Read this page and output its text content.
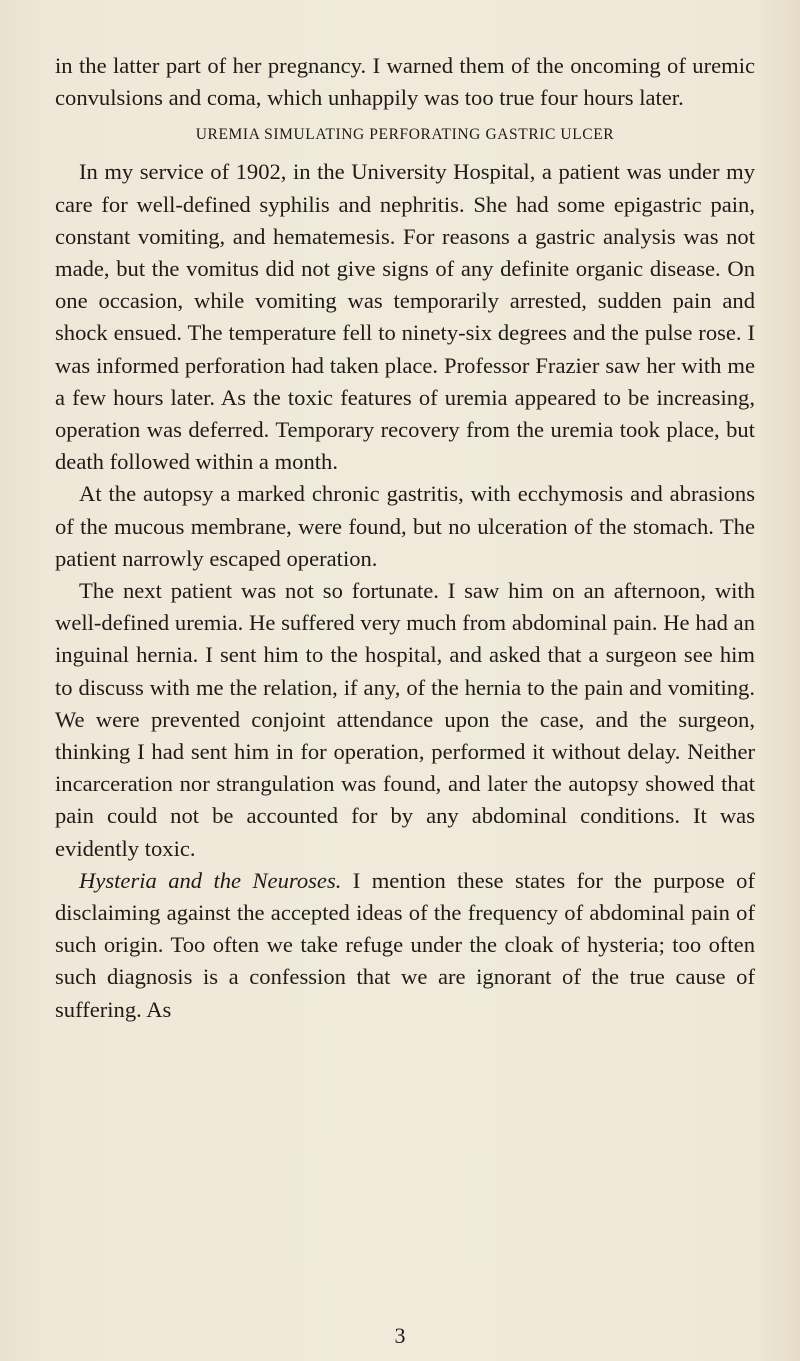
in the latter part of her pregnancy. I warned them of the oncoming of uremic convulsions and coma, which unhappily was too true four hours later.

UREMIA SIMULATING PERFORATING GASTRIC ULCER

In my service of 1902, in the University Hospital, a patient was under my care for well-defined syphilis and nephritis. She had some epigastric pain, constant vomiting, and hematemesis. For reasons a gastric analysis was not made, but the vomitus did not give signs of any definite organic disease. On one occasion, while vomiting was temporarily arrested, sudden pain and shock ensued. The temperature fell to ninety-six degrees and the pulse rose. I was informed perforation had taken place. Professor Frazier saw her with me a few hours later. As the toxic features of uremia appeared to be increasing, operation was deferred. Temporary recovery from the uremia took place, but death followed within a month.

At the autopsy a marked chronic gastritis, with ecchymosis and abrasions of the mucous membrane, were found, but no ulceration of the stomach. The patient narrowly escaped operation.

The next patient was not so fortunate. I saw him on an afternoon, with well-defined uremia. He suffered very much from abdominal pain. He had an inguinal hernia. I sent him to the hospital, and asked that a surgeon see him to discuss with me the relation, if any, of the hernia to the pain and vomiting. We were prevented conjoint attendance upon the case, and the surgeon, thinking I had sent him in for operation, performed it without delay. Neither incarceration nor strangulation was found, and later the autopsy showed that pain could not be accounted for by any abdominal conditions. It was evidently toxic.

Hysteria and the Neuroses. I mention these states for the purpose of disclaiming against the accepted ideas of the frequency of abdominal pain of such origin. Too often we take refuge under the cloak of hysteria; too often such diagnosis is a confession that we are ignorant of the true cause of suffering. As

3
